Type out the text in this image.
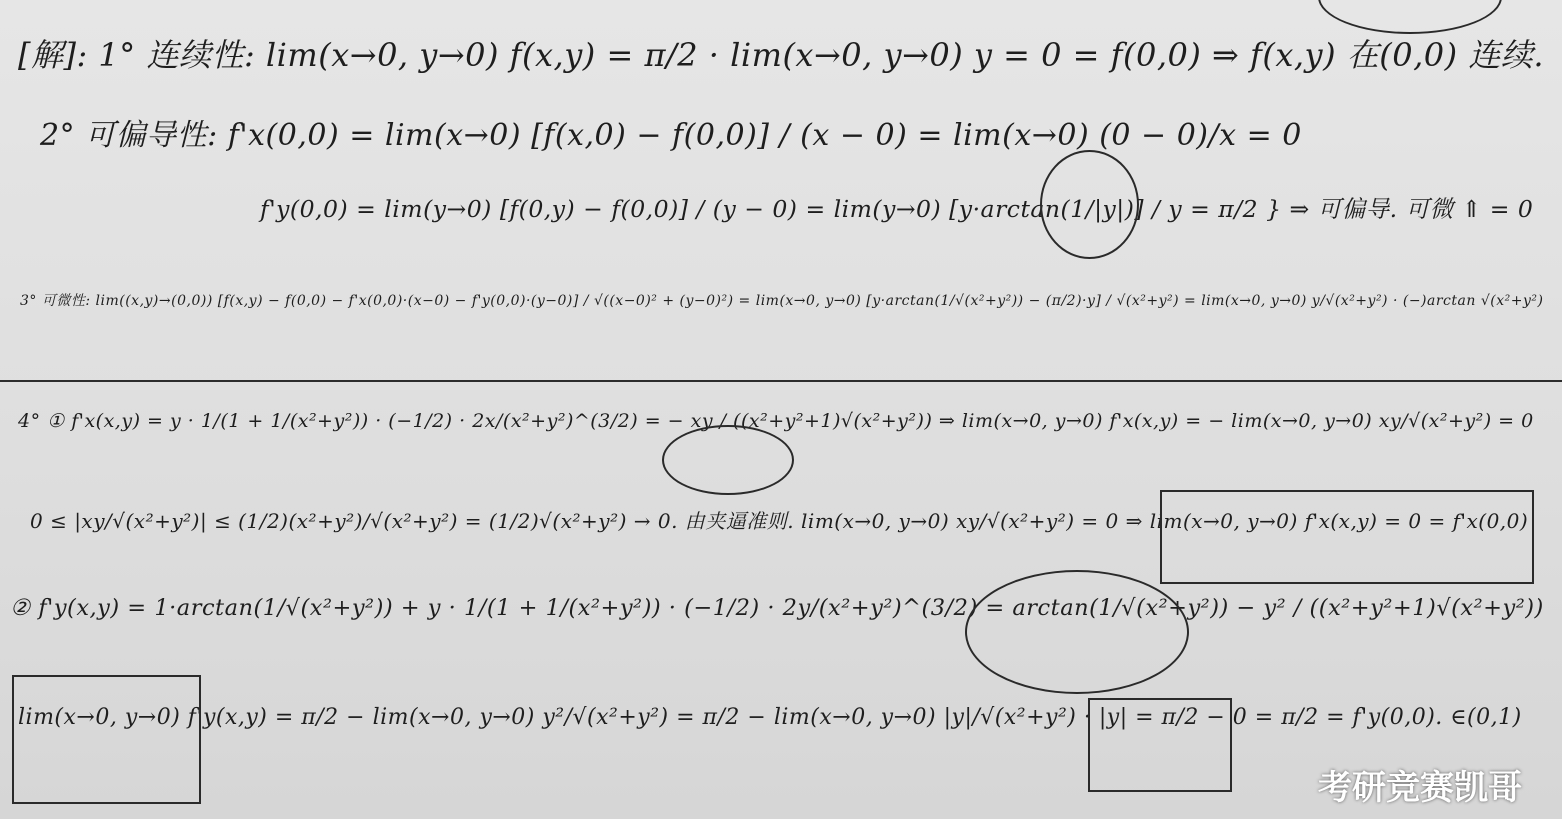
[解]: 1° 连续性: lim(x→0, y→0) f(x,y) = π/2 · lim(x→0, y→0) y = 0 = f(0,0) ⇒ f(x,y) 在(0,0) 连续.
2° 可偏导性: f'x(0,0) = lim(x→0) [f(x,0) − f(0,0)] / (x − 0) = lim(x→0) (0 − 0)/x = 0
f'y(0,0) = lim(y→0) [f(0,y) − f(0,0)] / (y − 0) = lim(y→0) [y·arctan(1/|y|)] / y = π/2 } ⇒ 可偏导. 可微 ⇑ = 0
3° 可微性: lim((x,y)→(0,0)) [f(x,y) − f(0,0) − f'x(0,0)·(x−0) − f'y(0,0)·(y−0)] / √((x−0)² + (y−0)²) = lim(x→0, y→0) [y·arctan(1/√(x²+y²)) − (π/2)·y] / √(x²+y²) = lim(x→0, y→0) y/√(x²+y²) · (−)arctan √(x²+y²)
4° ① f'x(x,y) = y · 1/(1 + 1/(x²+y²)) · (−1/2) · 2x/(x²+y²)^(3/2) = − xy / ((x²+y²+1)√(x²+y²)) ⇒ lim(x→0, y→0) f'x(x,y) = − lim(x→0, y→0) xy/√(x²+y²) = 0
0 ≤ |xy/√(x²+y²)| ≤ (1/2)(x²+y²)/√(x²+y²) = (1/2)√(x²+y²) → 0. 由夹逼准则. lim(x→0, y→0) xy/√(x²+y²) = 0 ⇒ lim(x→0, y→0) f'x(x,y) = 0 = f'x(0,0)
② f'y(x,y) = 1·arctan(1/√(x²+y²)) + y · 1/(1 + 1/(x²+y²)) · (−1/2) · 2y/(x²+y²)^(3/2) = arctan(1/√(x²+y²)) − y² / ((x²+y²+1)√(x²+y²))
lim(x→0, y→0) f'y(x,y) = π/2 − lim(x→0, y→0) y²/√(x²+y²) = π/2 − lim(x→0, y→0) |y|/√(x²+y²) · |y| = π/2 − 0 = π/2 = f'y(0,0). ∈(0,1)
考研竞赛凯哥
